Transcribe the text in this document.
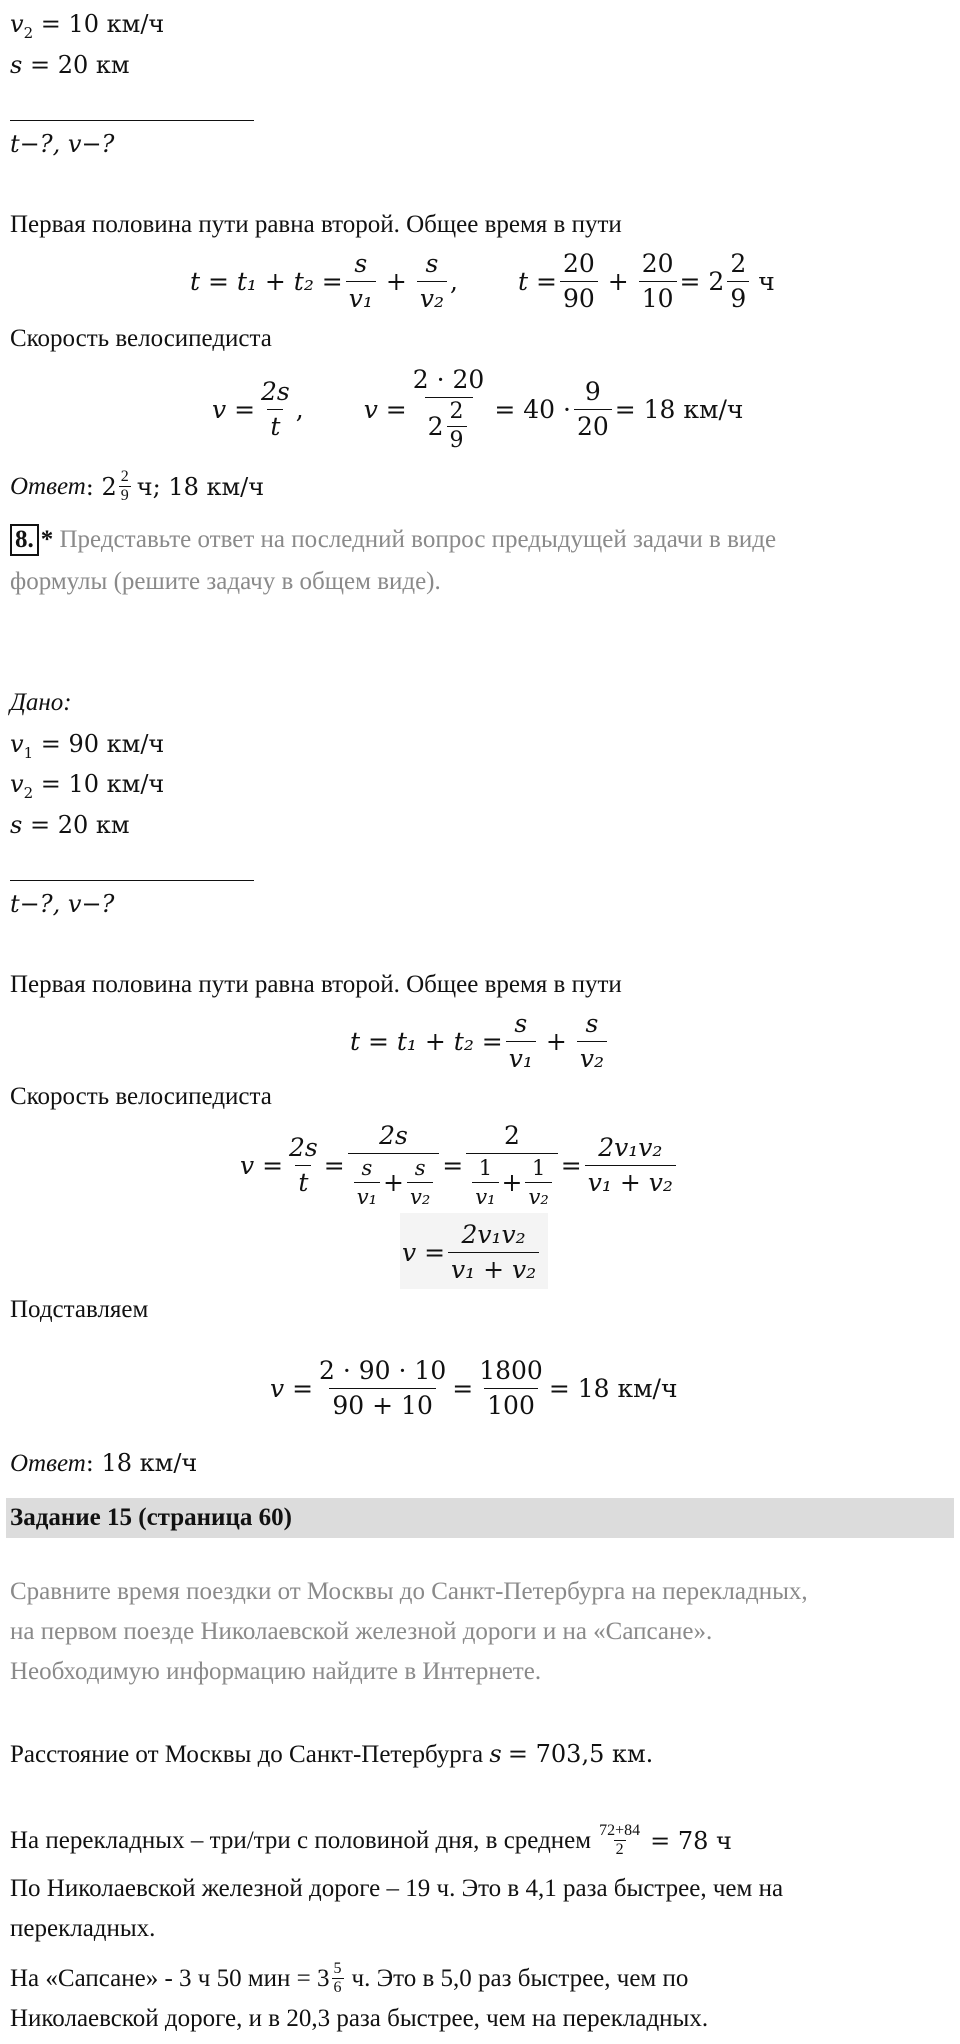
$v_2 = 10$ км/ч
s = 20 км
t−?, v−?
Первая половина пути равна второй. Общее время в пути
$t = t_1 + t_2 = \frac{s}{\text{v₁}} + \frac{s}{\text{v₂}}$ , $t = \frac{20}{90} + \frac{20}{10} = 2 \frac{2}{9}$ ч
Скорость велосипедиста
$v = \frac{2s}{t}$ , $v = \frac{2 \cdot 20}{2 \frac{2}{9}} = 40 \cdot \frac{9}{20} = 18$ км/ч
Ответ : $2 \frac{2}{9} ч$; 18 км/ч
8. * Представьте ответ на последний вопрос предыдущей задачи в виде
формулы (решите задачу в общем виде).
Дано:
$v_1 = 90$ км/ч
$v_2 = 10$ км/ч
s = 20 км
t−?, v−?
Первая половина пути равна второй. Общее время в пути
$t = t_1 + t_2 = \frac{s}{\text{v₁}} + \frac{s}{\text{v₂}}$
Скорость велосипедиста
$v = \frac{2s}{t} = \frac{2s}{\frac{s}{\text{v₁}} + \frac{s}{\text{v₂}}} = \frac{2}{\frac{1}{\text{v₁}} + \frac{1}{\text{v₂}}} = \frac{\text{2v₁v₂}}{\text{v₁ + v₂}}$
$v = \frac{\text{2v₁v₂}}{\text{v₁ + v₂}}$
Подставляем
$v = \frac{2 \cdot 90 \cdot 10}{90 + 10} = \frac{1800}{100} = 18$ км/ч
Ответ: 18 км/ч
Задание 15 (страница 60)
Сравните время поездки от Москвы до Санкт-Петербурга на перекладных,
на первом поезде Николаевской железной дороги и на «Сапсане».
Необходимую информацию найдите в Интернете.
Расстояние от Москвы до Санкт-Петербурга s = 703,5 км.
На перекладных – три/три с половиной дня, в среднем $\frac{72+84}{2} = 78$ ч
По Николаевской железной дороге – 19 ч. Это в 4,1 раза быстрее, чем на
перекладных.
На «Сапсане» - 3 ч 50 мин = $3 \frac{5}{6} ч$. Это в 5,0 раз быстрее, чем по
Николаевской дороге, и в 20,3 раза быстрее, чем на перекладных.
